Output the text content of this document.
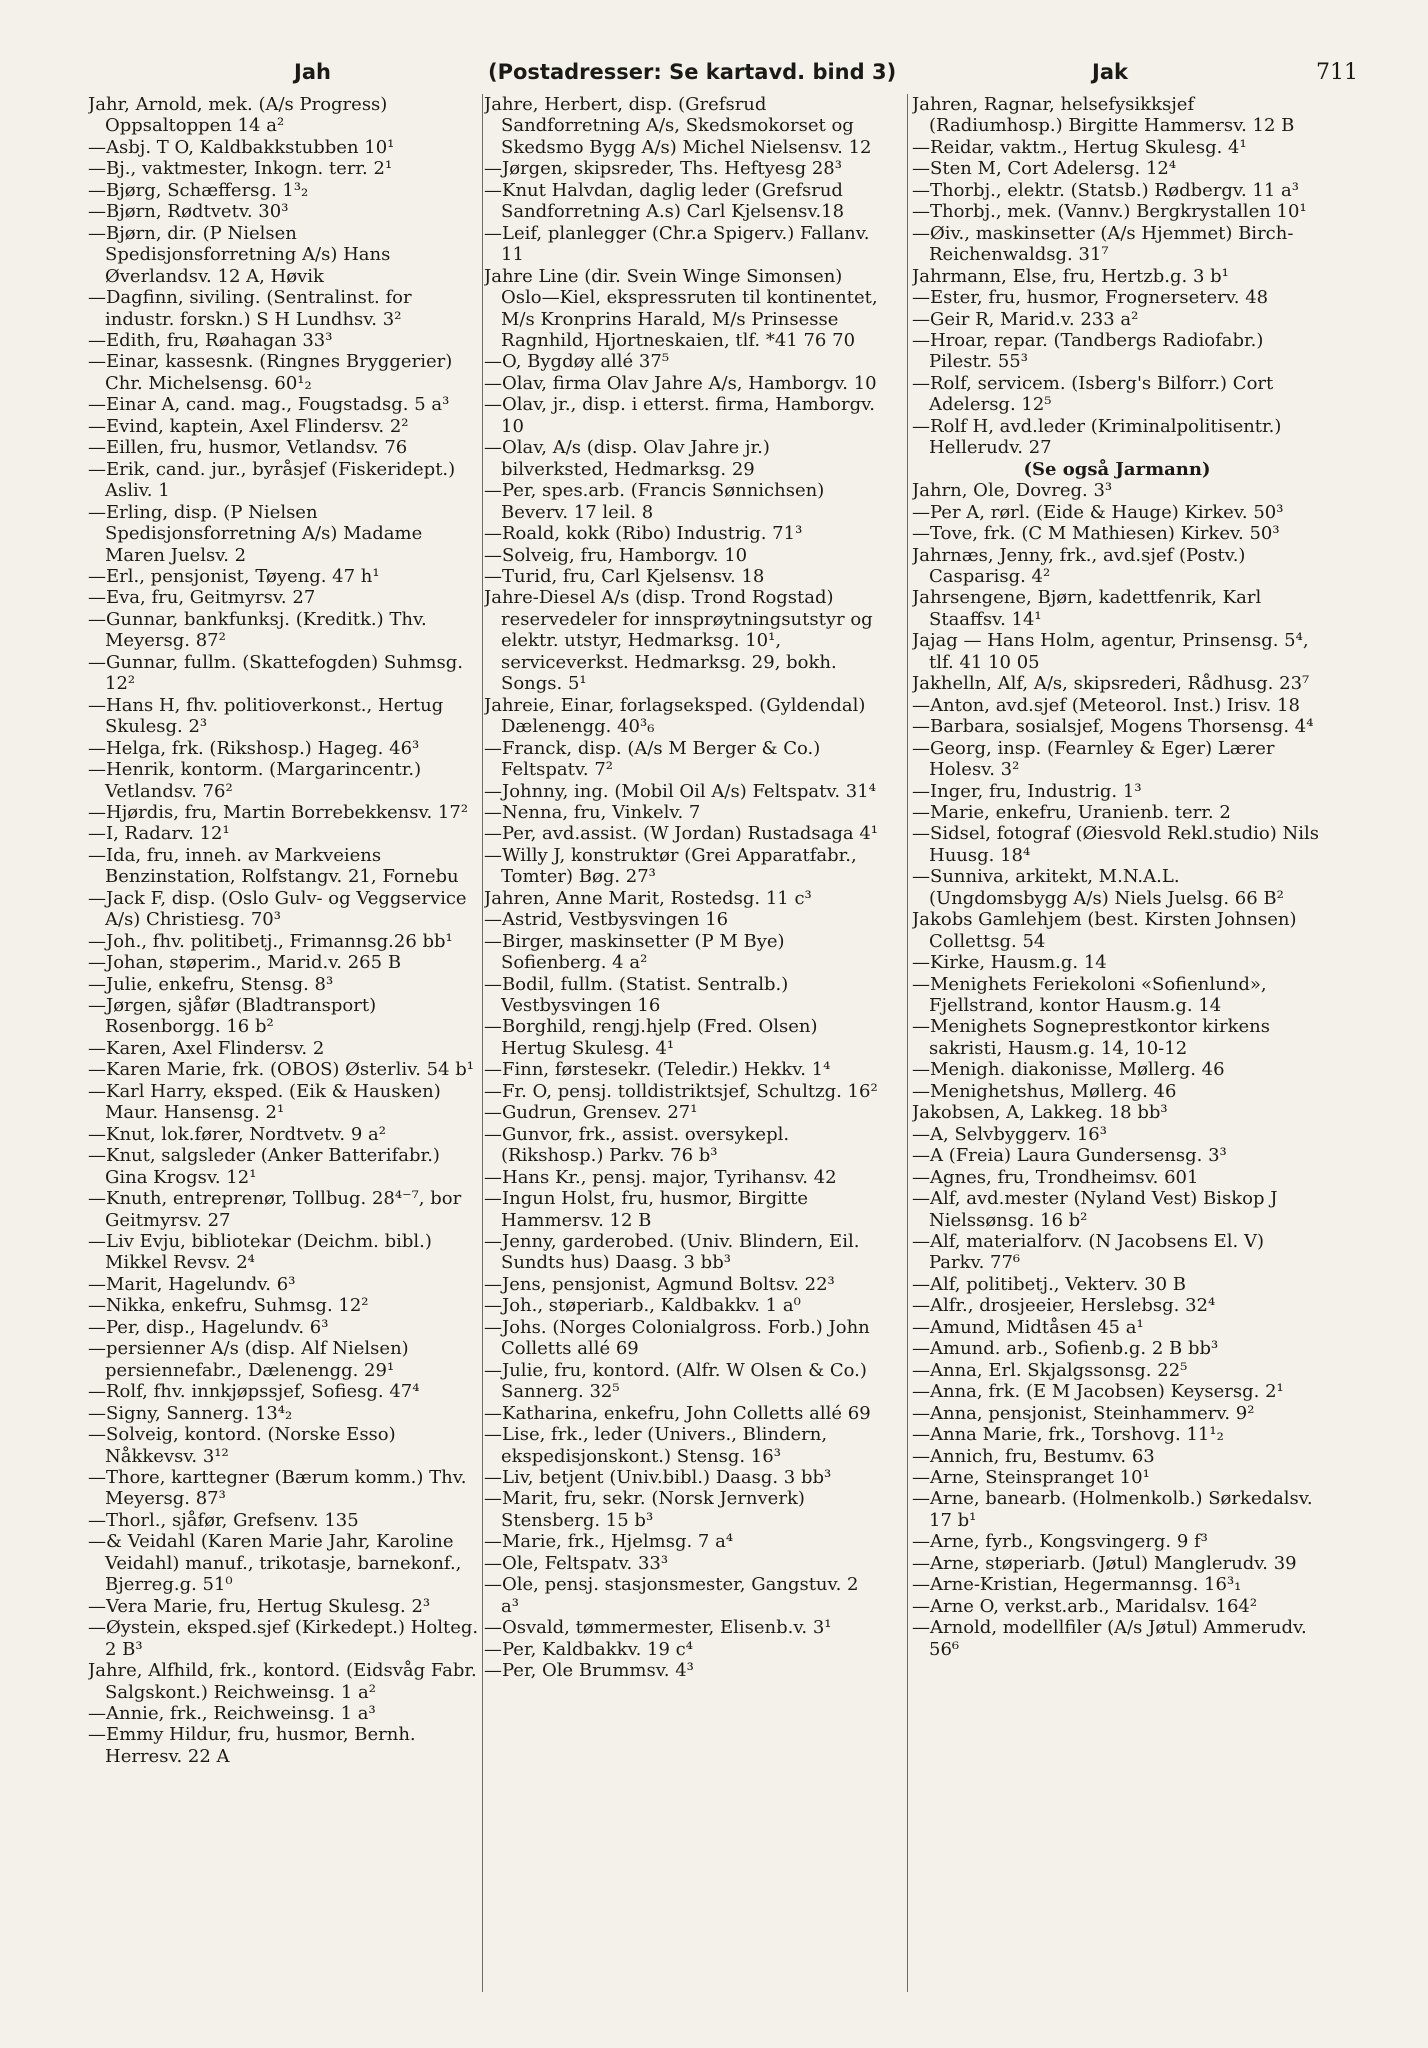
Jah	(Postadresser: Se kartavd. bind 3)	Jak	711

Jahr, Arnold, mek. (A/s Progress) Oppsaltoppen 14 a²

—Asbj. T O, Kaldbakkstubben 10¹

—Bj., vaktmester, Inkogn. terr. 2¹

—Bjørg, Schæffersg. 1³₂

—Bjørn, Rødtvetv. 30³

—Bjørn, dir. (P Nielsen Spedisjonsforretning A/s) Hans Øverlandsv. 12 A, Høvik

—Dagfinn, siviling. (Sentralinst. for industr. forskn.) S H Lundhsv. 3²

—Edith, fru, Røahagan 33³

—Einar, kassesnk. (Ringnes Bryggerier) Chr. Michelsensg. 60¹₂

—Einar A, cand. mag., Fougstadsg. 5 a³

—Evind, kaptein, Axel Flindersv. 2²

—Eillen, fru, husmor, Vetlandsv. 76

—Erik, cand. jur., byråsjef (Fiskeridept.) Asliv. 1

—Erling, disp. (P Nielsen Spedisjonsforretning A/s) Madame Maren Juelsv. 2

—Erl., pensjonist, Tøyeng. 47 h¹

—Eva, fru, Geitmyrsv. 27

—Gunnar, bankfunksj. (Kreditk.) Thv. Meyersg. 87²

—Gunnar, fullm. (Skattefogden) Suhmsg. 12²

—Hans H, fhv. politioverkonst., Hertug Skulesg. 2³

—Helga, frk. (Rikshosp.) Hageg. 46³

—Henrik, kontorm. (Margarincentr.) Vetlandsv. 76²

—Hjørdis, fru, Martin Borrebekkensv. 17²

—I, Radarv. 12¹

—Ida, fru, inneh. av Markveiens Benzinstation, Rolfstangv. 21, Fornebu

—Jack F, disp. (Oslo Gulv- og Veggservice A/s) Christiesg. 70³

—Joh., fhv. politibetj., Frimannsg.26 bb¹

—Johan, støperim., Marid.v. 265 B

—Julie, enkefru, Stensg. 8³

—Jørgen, sjåfør (Bladtransport) Rosenborgg. 16 b²

—Karen, Axel Flindersv. 2

—Karen Marie, frk. (OBOS) Østerliv. 54 b¹

—Karl Harry, eksped. (Eik & Hausken) Maur. Hansensg. 2¹

—Knut, lok.fører, Nordtvetv. 9 a²

—Knut, salgsleder (Anker Batterifabr.) Gina Krogsv. 12¹

—Knuth, entreprenør, Tollbug. 28⁴⁻⁷, bor Geitmyrsv. 27

—Liv Evju, bibliotekar (Deichm. bibl.) Mikkel Revsv. 2⁴

—Marit, Hagelundv. 6³

—Nikka, enkefru, Suhmsg. 12²

—Per, disp., Hagelundv. 6³

—persienner A/s (disp. Alf Nielsen) persiennefabr., Dælenengg. 29¹

—Rolf, fhv. innkjøpssjef, Sofiesg. 47⁴

—Signy, Sannerg. 13⁴₂

—Solveig, kontord. (Norske Esso) Nåkkevsv. 3¹²

—Thore, karttegner (Bærum komm.) Thv. Meyersg. 87³

—Thorl., sjåfør, Grefsenv. 135

—& Veidahl (Karen Marie Jahr, Karoline Veidahl) manuf., trikotasje, barnekonf., Bjerreg.g. 51⁰

—Vera Marie, fru, Hertug Skulesg. 2³

—Øystein, eksped.sjef (Kirkedept.) Holteg. 2 B³

Jahre, Alfhild, frk., kontord. (Eidsvåg Fabr. Salgskont.) Reichweinsg. 1 a²

—Annie, frk., Reichweinsg. 1 a³

—Emmy Hildur, fru, husmor, Bernh. Herresv. 22 A

Jahre, Herbert, disp. (Grefsrud Sandforretning A/s, Skedsmokorset og Skedsmo Bygg A/s) Michel Nielsensv. 12

—Jørgen, skipsreder, Ths. Heftyesg 28³

—Knut Halvdan, daglig leder (Grefsrud Sandforretning A.s) Carl Kjelsensv.18

—Leif, planlegger (Chr.a Spigerv.) Fallanv. 11

Jahre Line (dir. Svein Winge Simonsen) Oslo—Kiel, ekspressruten til kontinentet, M/s Kronprins Harald, M/s Prinsesse Ragnhild, Hjortneskaien, tlf. *41 76 70

—O, Bygdøy allé 37⁵

—Olav, firma Olav Jahre A/s, Hamborgv. 10

—Olav, jr., disp. i etterst. firma, Hamborgv. 10

—Olav, A/s (disp. Olav Jahre jr.) bilverksted, Hedmarksg. 29

—Per, spes.arb. (Francis Sønnichsen) Beverv. 17 leil. 8

—Roald, kokk (Ribo) Industrig. 71³

—Solveig, fru, Hamborgv. 10

—Turid, fru, Carl Kjelsensv. 18

Jahre-Diesel A/s (disp. Trond Rogstad) reservedeler for innsprøytningsutstyr og elektr. utstyr, Hedmarksg. 10¹, serviceverkst. Hedmarksg. 29, bokh. Songs. 5¹

Jahreie, Einar, forlagseksped. (Gyldendal) Dælenengg. 40³₆

—Franck, disp. (A/s M Berger & Co.) Feltspatv. 7²

—Johnny, ing. (Mobil Oil A/s) Feltspatv. 31⁴

—Nenna, fru, Vinkelv. 7

—Per, avd.assist. (W Jordan) Rustadsaga 4¹

—Willy J, konstruktør (Grei Apparatfabr., Tomter) Bøg. 27³

Jahren, Anne Marit, Rostedsg. 11 c³

—Astrid, Vestbysvingen 16

—Birger, maskinsetter (P M Bye) Sofienberg. 4 a²

—Bodil, fullm. (Statist. Sentralb.) Vestbysvingen 16

—Borghild, rengj.hjelp (Fred. Olsen) Hertug Skulesg. 4¹

—Finn, førstesekr. (Teledir.) Hekkv. 1⁴

—Fr. O, pensj. tolldistriktsjef, Schultzg. 16²

—Gudrun, Grensev. 27¹

—Gunvor, frk., assist. oversykepl. (Rikshosp.) Parkv. 76 b³

—Hans Kr., pensj. major, Tyrihansv. 42

—Ingun Holst, fru, husmor, Birgitte Hammersv. 12 B

—Jenny, garderobed. (Univ. Blindern, Eil. Sundts hus) Daasg. 3 bb³

—Jens, pensjonist, Agmund Boltsv. 22³

—Joh., støperiarb., Kaldbakkv. 1 a⁰

—Johs. (Norges Colonialgross. Forb.) John Colletts allé 69

—Julie, fru, kontord. (Alfr. W Olsen & Co.) Sannerg. 32⁵

—Katharina, enkefru, John Colletts allé 69

—Lise, frk., leder (Univers., Blindern, ekspedisjonskont.) Stensg. 16³

—Liv, betjent (Univ.bibl.) Daasg. 3 bb³

—Marit, fru, sekr. (Norsk Jernverk) Stensberg. 15 b³

—Marie, frk., Hjelmsg. 7 a⁴

—Ole, Feltspatv. 33³

—Ole, pensj. stasjonsmester, Gangstuv. 2 a³

—Osvald, tømmermester, Elisenb.v. 3¹

—Per, Kaldbakkv. 19 c⁴

—Per, Ole Brummsv. 4³

Jahren, Ragnar, helsefysikksjef (Radiumhosp.) Birgitte Hammersv. 12 B

—Reidar, vaktm., Hertug Skulesg. 4¹

—Sten M, Cort Adelersg. 12⁴

—Thorbj., elektr. (Statsb.) Rødbergv. 11 a³

—Thorbj., mek. (Vannv.) Bergkrystallen 10¹

—Øiv., maskinsetter (A/s Hjemmet) Birch-Reichenwaldsg. 31⁷

Jahrmann, Else, fru, Hertzb.g. 3 b¹

—Ester, fru, husmor, Frognerseterv. 48

—Geir R, Marid.v. 233 a²

—Hroar, repar. (Tandbergs Radiofabr.) Pilestr. 55³

—Rolf, servicem. (Isberg's Bilforr.) Cort Adelersg. 12⁵

—Rolf H, avd.leder (Kriminalpolitisentr.) Hellerudv. 27

(Se også Jarmann)

Jahrn, Ole, Dovreg. 3³

—Per A, rørl. (Eide & Hauge) Kirkev. 50³

—Tove, frk. (C M Mathiesen) Kirkev. 50³

Jahrnæs, Jenny, frk., avd.sjef (Postv.) Casparisg. 4²

Jahrsengene, Bjørn, kadettfenrik, Karl Staaffsv. 14¹

Jajag — Hans Holm, agentur, Prinsensg. 5⁴, tlf. 41 10 05

Jakhelln, Alf, A/s, skipsrederi, Rådhusg. 23⁷

—Anton, avd.sjef (Meteorol. Inst.) Irisv. 18

—Barbara, sosialsjef, Mogens Thorsensg. 4⁴

—Georg, insp. (Fearnley & Eger) Lærer Holesv. 3²

—Inger, fru, Industrig. 1³

—Marie, enkefru, Uranienb. terr. 2

—Sidsel, fotograf (Øiesvold Rekl.studio) Nils Huusg. 18⁴

—Sunniva, arkitekt, M.N.A.L. (Ungdomsbygg A/s) Niels Juelsg. 66 B²

Jakobs Gamlehjem (best. Kirsten Johnsen) Collettsg. 54

—Kirke, Hausm.g. 14

—Menighets Feriekoloni «Sofienlund», Fjellstrand, kontor Hausm.g. 14

—Menighets Sogneprestkontor kirkens sakristi, Hausm.g. 14, 10-12

—Menigh. diakonisse, Møllerg. 46

—Menighetshus, Møllerg. 46

Jakobsen, A, Lakkeg. 18 bb³

—A, Selvbyggerv. 16³

—A (Freia) Laura Gundersensg. 3³

—Agnes, fru, Trondheimsv. 601

—Alf, avd.mester (Nyland Vest) Biskop J Nielssønsg. 16 b²

—Alf, materialforv. (N Jacobsens El. V) Parkv. 77⁶

—Alf, politibetj., Vekterv. 30 B

—Alfr., drosjeeier, Herslebsg. 32⁴

—Amund, Midtåsen 45 a¹

—Amund. arb., Sofienb.g. 2 B bb³

—Anna, Erl. Skjalgssonsg. 22⁵

—Anna, frk. (E M Jacobsen) Keysersg. 2¹

—Anna, pensjonist, Steinhammerv. 9²

—Anna Marie, frk., Torshovg. 11¹₂

—Annich, fru, Bestumv. 63

—Arne, Steinspranget 10¹

—Arne, banearb. (Holmenkolb.) Sørkedalsv. 17 b¹

—Arne, fyrb., Kongsvingerg. 9 f³

—Arne, støperiarb. (Jøtul) Manglerudv. 39

—Arne-Kristian, Hegermannsg. 16³₁

—Arne O, verkst.arb., Maridalsv. 164²

—Arnold, modellfiler (A/s Jøtul) Ammerudv. 56⁶
